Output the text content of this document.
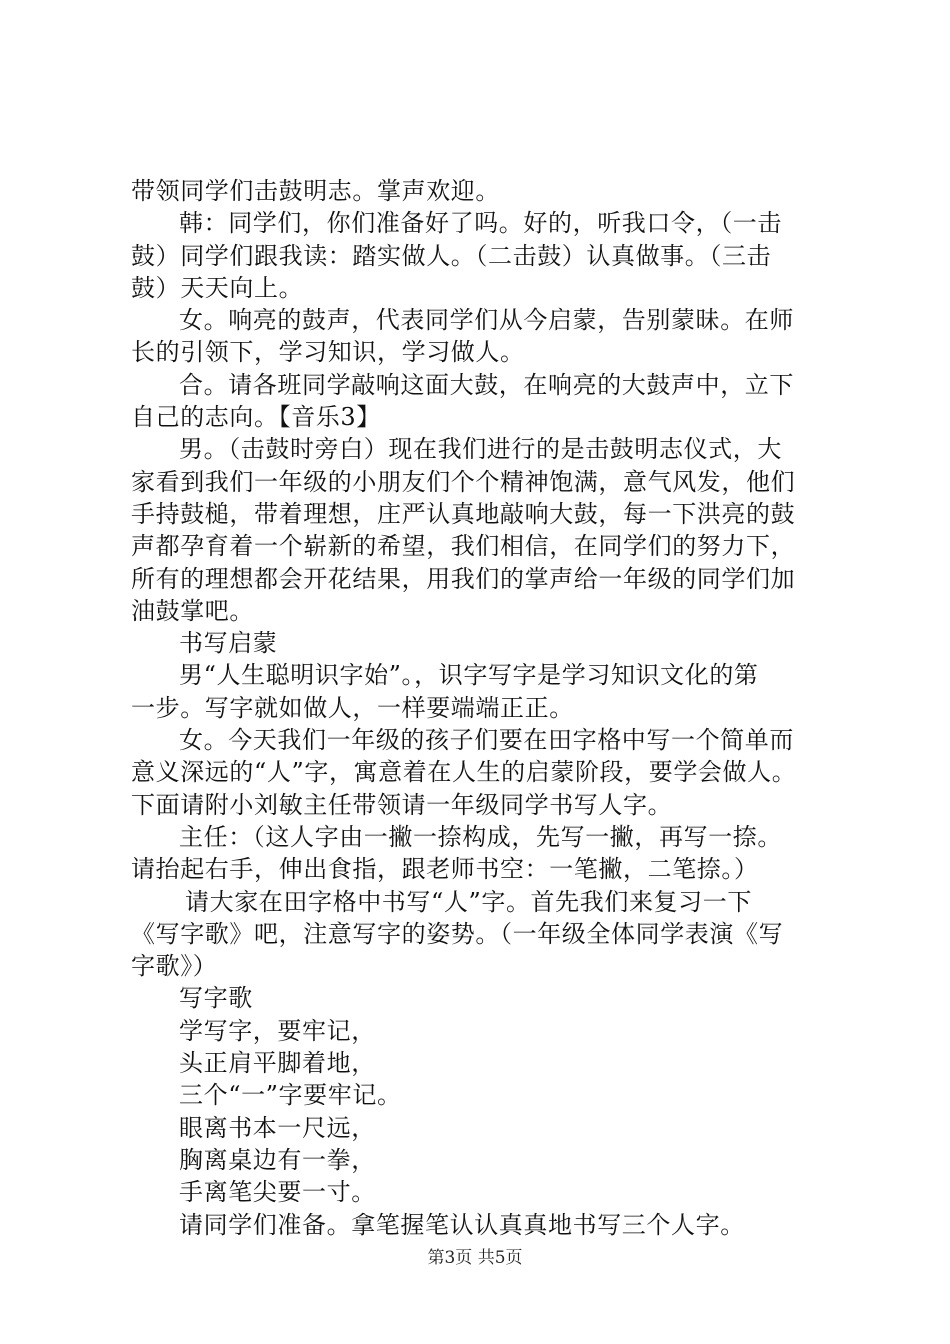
带领同学们击鼓明志。掌声欢迎。
韩：同学们，你们准备好了吗。好的，听我口令，（一击
鼓）同学们跟我读：踏实做人。（二击鼓）认真做事。（三击
鼓）天天向上。
女。响亮的鼓声，代表同学们从今启蒙，告别蒙昧。在师
长的引领下，学习知识，学习做人。
合。请各班同学敲响这面大鼓，在响亮的大鼓声中，立下
自己的志向。【音乐3】
男。（击鼓时旁白）现在我们进行的是击鼓明志仪式，大
家看到我们一年级的小朋友们个个精神饱满，意气风发，他们
手持鼓槌，带着理想，庄严认真地敲响大鼓，每一下洪亮的鼓
声都孕育着一个崭新的希望，我们相信，在同学们的努力下，
所有的理想都会开花结果，用我们的掌声给一年级的同学们加
油鼓掌吧。
书写启蒙
男“人生聪明识字始”。，识字写字是学习知识文化的第
一步。写字就如做人，一样要端端正正。
女。今天我们一年级的孩子们要在田字格中写一个简单而
意义深远的“人”字，寓意着在人生的启蒙阶段，要学会做人。
下面请附小刘敏主任带领请一年级同学书写人字。
主任：（这人字由一撇一捺构成，先写一撇，再写一捺。
请抬起右手，伸出食指，跟老师书空：一笔撇，二笔捺。）
请大家在田字格中书写“人”字。首先我们来复习一下
《写字歌》吧，注意写字的姿势。（一年级全体同学表演《写
字歌》）
写字歌
学写字，要牢记，
头正肩平脚着地，
三个“一”字要牢记。
眼离书本一尺远，
胸离桌边有一拳，
手离笔尖要一寸。
请同学们准备。拿笔握笔认认真真地书写三个人字。
第3页 共5页
